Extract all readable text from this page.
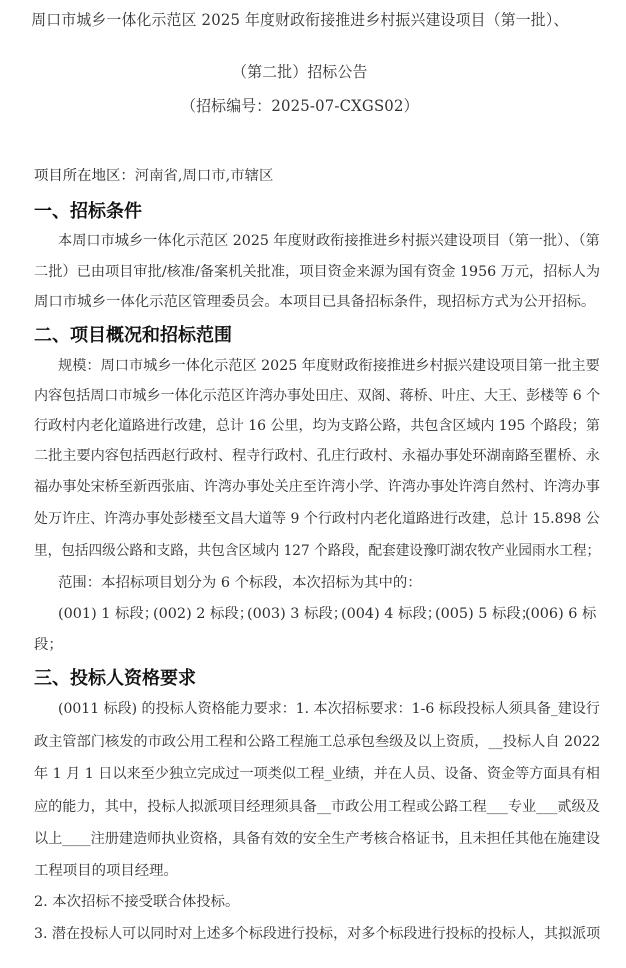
周口市城乡一体化示范区 2025 年度财政衔接推进乡村振兴建设项目（第一批）、
（第二批）招标公告
（招标编号：2025-07-CXGS02）
项目所在地区：河南省,周口市,市辖区
一、招标条件
本周口市城乡一体化示范区 2025 年度财政衔接推进乡村振兴建设项目（第一批）、（第
二批）已由项目审批/核准/备案机关批准，项目资金来源为国有资金 1956 万元，招标人为
周口市城乡一体化示范区管理委员会。本项目已具备招标条件，现招标方式为公开招标。
二、项目概况和招标范围
规模：周口市城乡一体化示范区 2025 年度财政衔接推进乡村振兴建设项目第一批主要
内容包括周口市城乡一体化示范区许湾办事处田庄、双阁、蒋桥、叶庄、大王、彭楼等 6 个
行政村内老化道路进行改建，总计 16 公里，均为支路公路，共包含区域内 195 个路段；第
二批主要内容包括西赵行政村、程寺行政村、孔庄行政村、永福办事处环湖南路至瞿桥、永
福办事处宋桥至新西张庙、许湾办事处关庄至许湾小学、许湾办事处许湾自然村、许湾办事
处万许庄、许湾办事处彭楼至文昌大道等 9 个行政村内老化道路进行改建，总计 15.898 公
里，包括四级公路和支路，共包含区域内 127 个路段，配套建设豫叮湖农牧产业园雨水工程；
范围：本招标项目划分为 6 个标段，本次招标为其中的：
(001) 1 标段；
(002) 2 标段；
(003) 3 标段；
(004) 4 标段；
(005) 5 标段；
(006) 6 标
段；
三、投标人资格要求
(0011 标段) 的投标人资格能力要求：1. 本次招标要求：1-6 标段投标人须具备_建设行
政主管部门核发的市政公用工程和公路工程施工总承包叁级及以上资质，__投标人自 2022
年 1 月 1 日以来至少独立完成过一项类似工程_业绩，并在人员、设备、资金等方面具有相
应的能力，其中，投标人拟派项目经理须具备__市政公用工程或公路工程___专业___贰级及
以上____注册建造师执业资格，具备有效的安全生产考核合格证书，且未担任其他在施建设
工程项目的项目经理。
2. 本次招标不接受联合体投标。
3. 潜在投标人可以同时对上述多个标段进行投标，对多个标段进行投标的投标人，其拟派项
